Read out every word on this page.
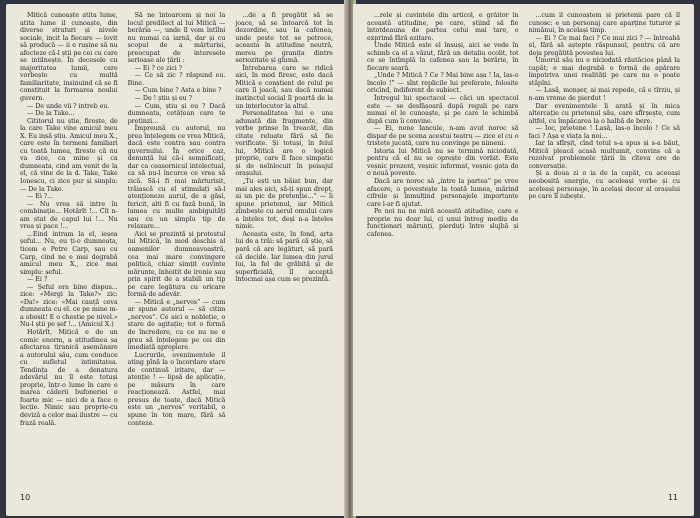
Mitică cunoaște atita lume, atita lume il cunoaște, din diverse straturi și nivele sociale, incit la fiecare — lovit să producă — ii e rușine să nu afecteze că-l știi pe cei cu care se intilnește. În decesele cu majoritatea lumii, care vorbește cu multă familiaritate, insinuind că se fi constituit la formarea noului guvern.

— De unde vii ? intreb eu.

— De la Take...

Cititorul nu știe, firește, de la care Take vine amicul meu X. Eu insă știu. Amicul meu X., care este în termeni familiari cu toată lumea, fireste că nu va zice, ca mine și ca dumneata, cind am venit de la el, că vine de la d. Take, Take Ionescu, ci zice pur și simplu: — De la Take.

— Ei ?...

— Nu vrea să intre în combinație... Hotărît !... Cît n-am stat de capul lui !... Nu vrea și pace !...

...Eind intram la el, ieșea șeful... Nu, eu ți-o dumneata, ticem e Petre Carp, sau cu Carp, cind ne e mai degrabă amicul meu X., zice mai simplu: șeful.

— Ei ?

— Șeful era bine dispus... zice: «Mergi la Take?» zic: «Da!» zice: «Mai cauță ceva dumneata cu el. ce pe mine m-a obosit! E o chestie pe nivel.» Nu-l știi pe șef !... (Amicul X.)

Hotărît, Mitică e de un comic enorm, a atitudinea sa afectarea tiranică asemănare a autorului său, cum conduce cu sufletul intimitatea. Tendința de a denatura adevărul nu îl este totuși proprie, înțr-o lume în care e marea căderii bufoneriei e foarte mic — nici de a face o lecție. Nimic sau proprie-cu deviză a celor mai ilustre — cu frază reală.

Să ne întoarcem și noi la locul predilect al lui Mitică — berăria —, unde îl vom întîlni nu numai ca iarnă, dar și cu scopul de a mărturisi, preocupat de interesele serioase ale țării :

— Ei ? ce zici ?

— Ce să zic ? răspund eu. Bine.

— Cum bine ? Asta e bine ?

— De ! știu și eu ?

— Cum, știu și eu ? Dacă dumneata, cetățean care te pretinzi...

Împreună cu autorul, nu prea înțelegem ce vrea Mitică, dacă este contra sau contra guvernului. În orice caz, denunță lui că-i semnificați, dar ca ceasornicul intelectual, ca să nu-l încurce ce vrea să zică. Să-i fi mai mărturisit, trăiască cu el stimulați să-l atenționeze aurul, de a găsi, fericit, alti fi cu fază bună, în lumea cu multe ambiguități sau cu un simplu tip de relaxare...

Aici se prezintă și protestul lui Mitică, în mod deschis al oamenilor dumneavoastră, cea mai mare convingere politică, chiar simțit cuvinte mărunte, înhoitit de ironie sau prin spirit de a stabili un tip pe care legătura cu oricare formă de adevăr.

— Mitică e „nervos” — cum ar spune autorul — să citim „nervos”. Ce aici e nobleție, o stare de agitație; tot o formă de încredere, cu ce nu ne e greu să înțelegem pe cei din imediată apropiere.

Lucrurile, evenimentele il ating pînă la o încordare stare de continuă iritare, dar — atenție ! — lipsă de aplicație, pe măsura în care reacționează. Astfel, mai presus de toate, dacă Mitică este un „nervos” veritabil, o spune în ton mare, fără să conteze.

...de a fi pregătit să se joace, să se întoarcă tot în dezordine, sau la cafenea, unde peste tot se petrece, aceasta în atitudine neutră, mereu pe granița dintre seriozitate și glumă.

Întrebarea care se ridică aici, în mod firesc, este dacă Mitică e conștient de rolul pe care îl joacă, sau dacă numai instinctul social îl poartă de la un interlocutor la altul.

Personalitatea lui e una adunată din fragmente, din vorbe prinse în treacăt, din citate reluate fără să fie verificate. Și totuși, în felul lui, Mitică are o logică proprie, care îl face simpatic și de neînlocuit în peisajul orașului.

„Tu ești un băiat bun, dar mai ales aici, să-ți spun drept, ai un pic de pretenție...” — îi spune prietenul, iar Mitică zîmbește cu aerul omului care a înțeles tot, deși n-a înțeles nimic.

Aceasta este, în fond, arta lui de a trăi: să pară că știe, să pară că are legături, să pară că decide. Iar lumea din jurul lui, la fel de grăbită și de superficială, îl acceptă întocmai așa cum se prezintă.

10

...rele și cuvintele din articol, e grăitor în această atitudine, pe care, știind să fie întotdeauna de partea celui mai tare, o exprimă fără ezitare.

Unde Mitică este el însuși, aici se vede în schimb ca el a văzut, fără un detaliu ocolit, tot ce se întîmplă la cafenea sau la berărie, în fiecare seară.

„Unde ? Mitică ? Ce ? Mai bine așa ! Ia, las-o încolo !” — sînt replicile lui preferate, folosite oricînd, indiferent de subiect.

Întregul lui spectacol — căci un spectacol este — se desfășoară după reguli pe care numai el le cunoaște, și pe care le schimbă după cum îi convine.

— Ei, nene Iancule, n-am avut noroc să dispar de pe scena acestui teatru — zice el cu o tristețe jucată, care nu convinge pe nimeni.

Istoria lui Mitică nu se termină niciodată, pentru că el nu se oprește din vorbit. Este veșnic prezent, veșnic informat, veșnic gata de o nouă poveste.

Dacă are noroc să „intre la partea” pe vreo afacere, o povestește la toată lumea, mărind cifrele și înmulțind personajele importante care l-ar fi ajutat.

Pe noi nu ne miră această atitudine, care e proprie nu doar lui, ci unui întreg mediu de funcționari mărunți, pierduți între slujbă și cafenea.

...cum il cunoaștem și prietenii pare că îl cunosc: e un personaj care aparține tuturor și nimănui, în același timp.

— Ei ? Ce mai faci ? Ce mai zici ? — întreabă el, fără să aștepte răspunsul, pentru că are deja pregătită povestea lui.

Umorul său nu e niciodată răutăcios până la capăt; e mai degrabă o formă de apărare împotriva unei realități pe care nu o poate stăpîni.

— Lasă, monșer, ai mai repede, că e tîrziu, și n-am vreme de pierdut !

Dar evenimentele îi arată și în mica altercație cu prietenul său, care sfîrșește, cum altfel, cu împăcarea la o halbă de bere.

— Ioc, prietene ! Lasă, las-o încolo ! Ce să faci ? Așa e viața la noi...

Iar la sfîrșit, cînd totul s-a spus și s-a băut, Mitică pleacă acasă mulțumit, convins că a rezolvat problemele țării în cîteva ore de conversație.

Și a doua zi o ia de la capăt, cu aceeași neobosită energie, cu aceleași vorbe și cu aceleași personaje, în același decor al orașului pe care îl iubește.

11
